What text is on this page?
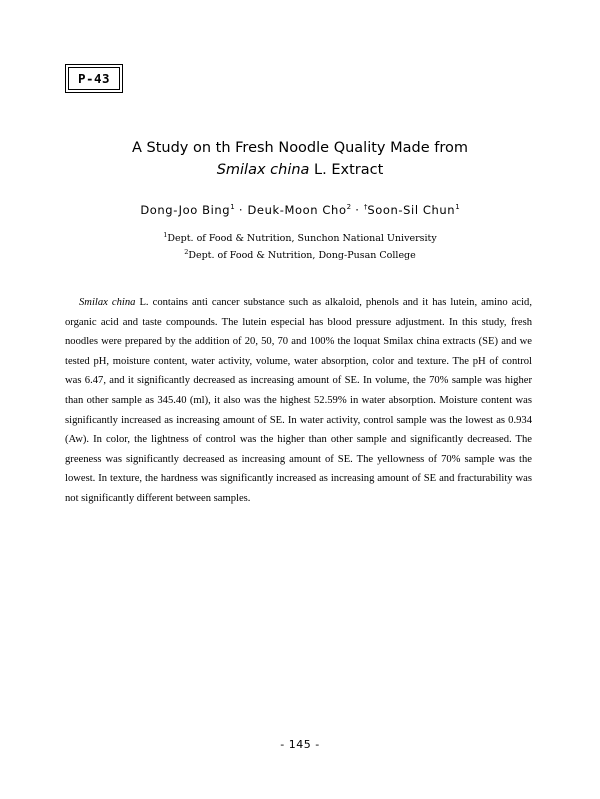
P-43
A Study on th Fresh Noodle Quality Made from
Smilax china L. Extract
Dong-Joo Bing$^1$ · Deuk-Moon Cho$^2$ · †Soon-Sil Chun$^1$
$^1$Dept. of Food & Nutrition, Sunchon National University
$^2$Dept. of Food & Nutrition, Dong-Pusan College

Smilax china L. contains anti cancer substance such as alkaloid, phenols and it has lutein, amino acid, organic acid and taste compounds. The lutein especial has blood pressure adjustment. In this study, fresh noodles were prepared by the addition of 20, 50, 70 and 100% the loquat Smilax china extracts (SE) and we tested pH, moisture content, water activity, volume, water absorption, color and texture. The pH of control was 6.47, and it significantly decreased as increasing amount of SE. In volume, the 70% sample was higher than other sample as 345.40 (ml), it also was the highest 52.59% in water absorption. Moisture content was significantly increased as increasing amount of SE. In water activity, control sample was the lowest as 0.934 (Aw). In color, the lightness of control was the higher than other sample and significantly decreased. The greeness was significantly decreased as increasing amount of SE. The yellowness of 70% sample was the lowest. In texture, the hardness was significantly increased as increasing amount of SE and fracturability was not significantly different between samples.

- 145 -
